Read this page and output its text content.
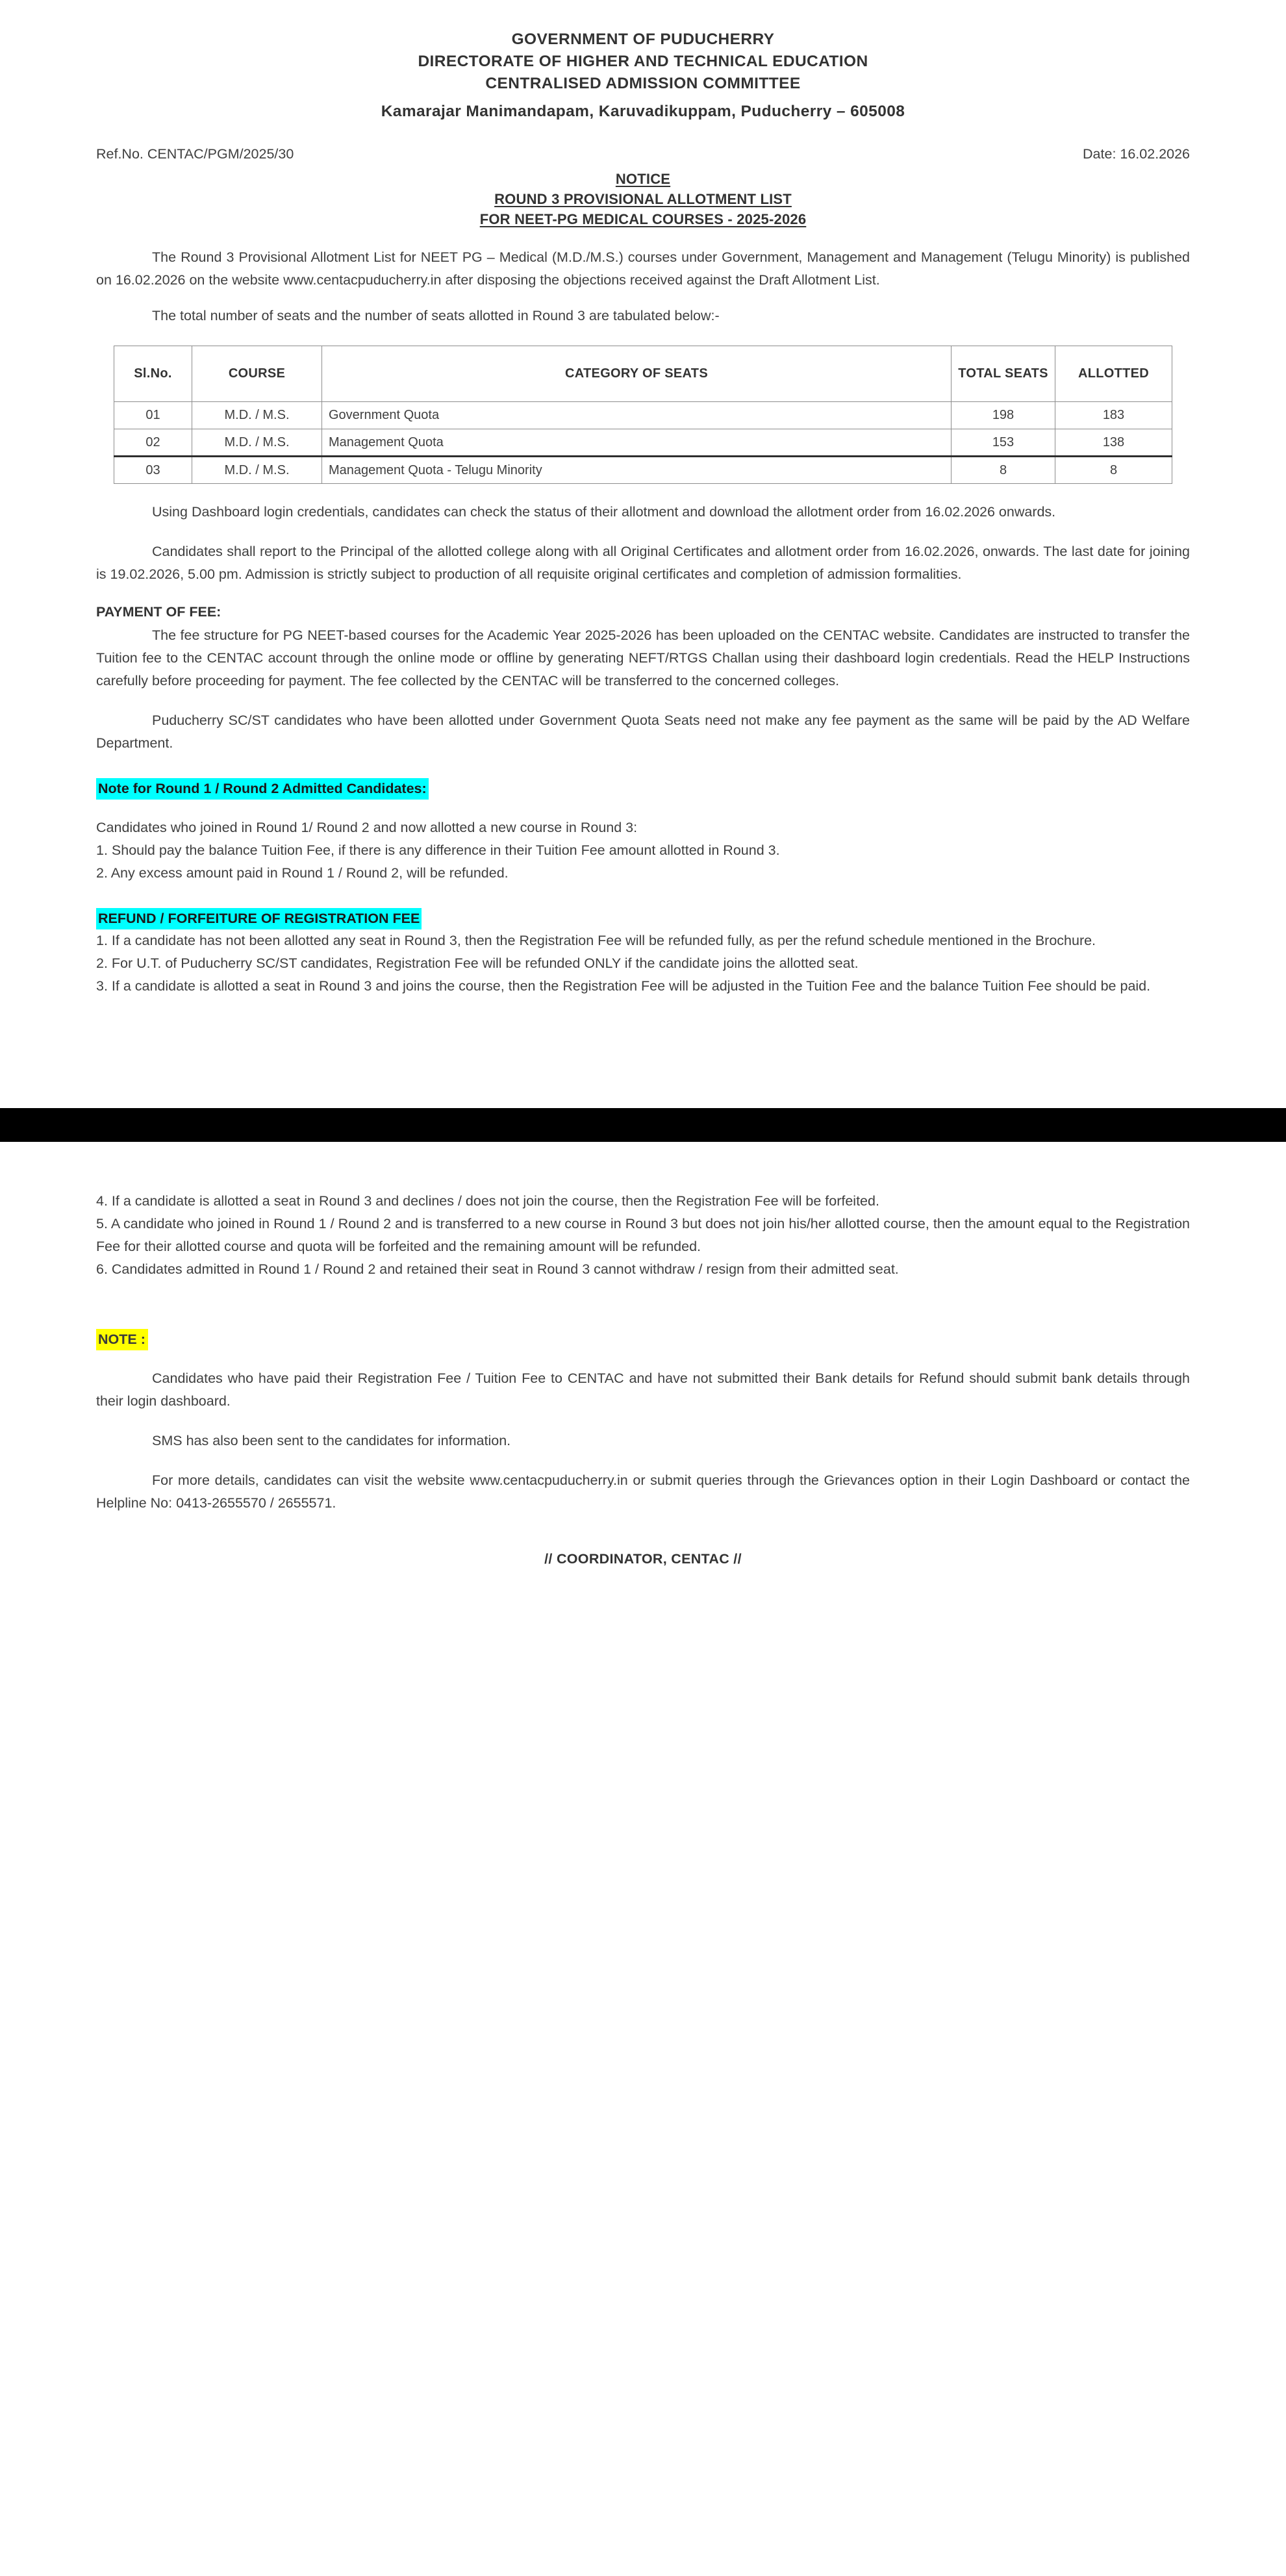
GOVERNMENT OF PUDUCHERRY
DIRECTORATE OF HIGHER AND TECHNICAL EDUCATION
CENTRALISED ADMISSION COMMITTEE
Kamarajar Manimandapam, Karuvadikuppam, Puducherry – 605008
Ref.No. CENTAC/PGM/2025/30	Date: 16.02.2026
NOTICE
ROUND 3 PROVISIONAL ALLOTMENT LIST
FOR NEET-PG MEDICAL COURSES - 2025-2026

The Round 3 Provisional Allotment List for NEET PG – Medical (M.D./M.S.) courses under Government, Management and Management (Telugu Minority) is published on 16.02.2026 on the website www.centacpuducherry.in after disposing the objections received against the Draft Allotment List.

The total number of seats and the number of seats allotted in Round 3 are tabulated below:-

Sl.No.	COURSE	CATEGORY OF SEATS	TOTAL SEATS	ALLOTTED
01	M.D. / M.S.	Government Quota	198	183
02	M.D. / M.S.	Management Quota	153	138
03	M.D. / M.S.	Management Quota - Telugu Minority	8	8

Using Dashboard login credentials, candidates can check the status of their allotment and download the allotment order from 16.02.2026 onwards.

Candidates shall report to the Principal of the allotted college along with all Original Certificates and allotment order from 16.02.2026, onwards. The last date for joining is 19.02.2026, 5.00 pm. Admission is strictly subject to production of all requisite original certificates and completion of admission formalities.

PAYMENT OF FEE:

The fee structure for PG NEET-based courses for the Academic Year 2025-2026 has been uploaded on the CENTAC website. Candidates are instructed to transfer the Tuition fee to the CENTAC account through the online mode or offline by generating NEFT/RTGS Challan using their dashboard login credentials. Read the HELP Instructions carefully before proceeding for payment. The fee collected by the CENTAC will be transferred to the concerned colleges.

Puducherry SC/ST candidates who have been allotted under Government Quota Seats need not make any fee payment as the same will be paid by the AD Welfare Department.

Note for Round 1 / Round 2 Admitted Candidates:
Candidates who joined in Round 1/ Round 2 and now allotted a new course in Round 3:
1. Should pay the balance Tuition Fee, if there is any difference in their Tuition Fee amount allotted in Round 3.
2. Any excess amount paid in Round 1 / Round 2, will be refunded.
REFUND / FORFEITURE OF REGISTRATION FEE
1. If a candidate has not been allotted any seat in Round 3, then the Registration Fee will be refunded fully, as per the refund schedule mentioned in the Brochure.
2. For U.T. of Puducherry SC/ST candidates, Registration Fee will be refunded ONLY if the candidate joins the allotted seat.
3. If a candidate is allotted a seat in Round 3 and joins the course, then the Registration Fee will be adjusted in the Tuition Fee and the balance Tuition Fee should be paid.
4. If a candidate is allotted a seat in Round 3 and declines / does not join the course, then the Registration Fee will be forfeited.
5. A candidate who joined in Round 1 / Round 2 and is transferred to a new course in Round 3 but does not join his/her allotted course, then the amount equal to the Registration Fee for their allotted course and quota will be forfeited and the remaining amount will be refunded.
6. Candidates admitted in Round 1 / Round 2 and retained their seat in Round 3 cannot withdraw / resign from their admitted seat.
NOTE :

Candidates who have paid their Registration Fee / Tuition Fee to CENTAC and have not submitted their Bank details for Refund should submit bank details through their login dashboard.

SMS has also been sent to the candidates for information.

For more details, candidates can visit the website www.centacpuducherry.in or submit queries through the Grievances option in their Login Dashboard or contact the Helpline No: 0413-2655570 / 2655571.

// COORDINATOR, CENTAC //
